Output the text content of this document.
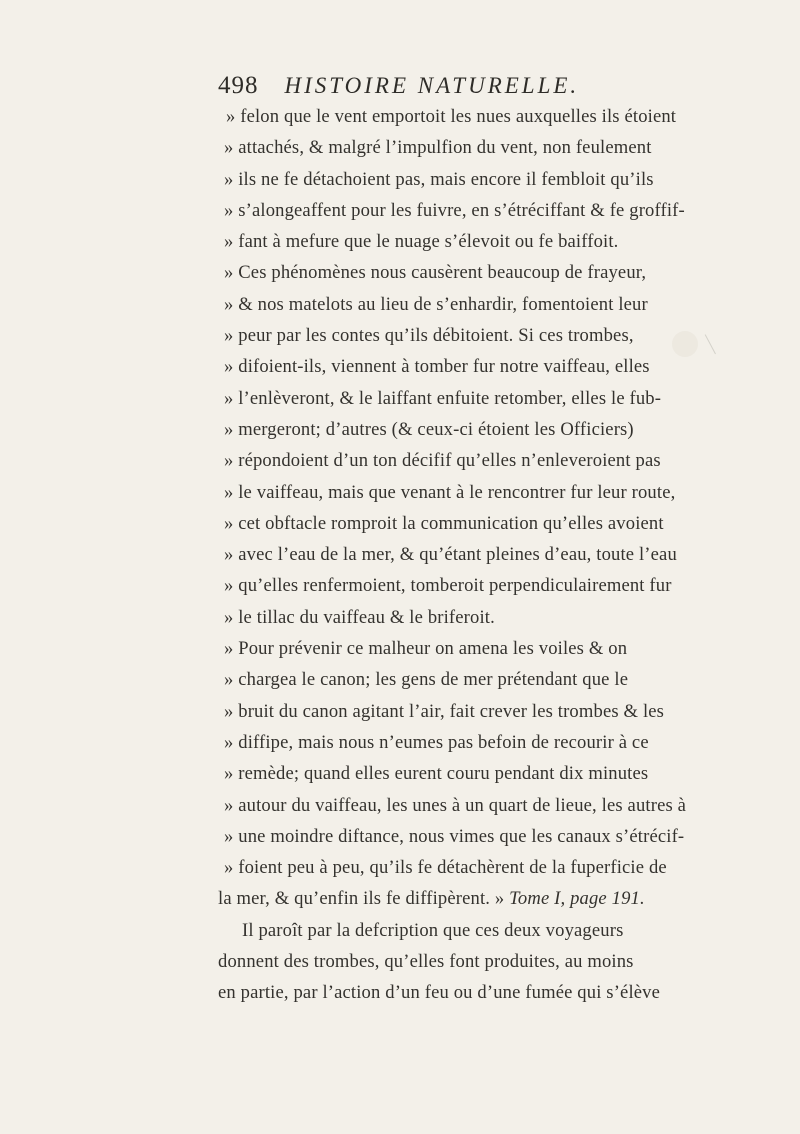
498 HISTOIRE NATURELLE.
» felon que le vent emportoit les nues auxquelles ils étoient
» attachés, & malgré l’impulfion du vent, non feulement
» ils ne fe détachoient pas, mais encore il fembloit qu’ils
» s’alongeaffent pour les fuivre, en s’étréciffant & fe groffif-
» fant à mefure que le nuage s’élevoit ou fe baiffoit.
» Ces phénomènes nous causèrent beaucoup de frayeur,
» & nos matelots au lieu de s’enhardir, fomentoient leur
» peur par les contes qu’ils débitoient. Si ces trombes,
» difoient-ils, viennent à tomber fur notre vaiffeau, elles
» l’enlèveront, & le laiffant enfuite retomber, elles le fub-
» mergeront; d’autres (& ceux-ci étoient les Officiers)
» répondoient d’un ton décifif qu’elles n’enleveroient pas
» le vaiffeau, mais que venant à le rencontrer fur leur route,
» cet obftacle romproit la communication qu’elles avoient
» avec l’eau de la mer, & qu’étant pleines d’eau, toute l’eau
» qu’elles renfermoient, tomberoit perpendiculairement fur
» le tillac du vaiffeau & le briferoit.
» Pour prévenir ce malheur on amena les voiles & on
» chargea le canon; les gens de mer prétendant que le
» bruit du canon agitant l’air, fait crever les trombes & les
» diffipe, mais nous n’eumes pas befoin de recourir à ce
» remède; quand elles eurent couru pendant dix minutes
» autour du vaiffeau, les unes à un quart de lieue, les autres à
» une moindre diftance, nous vimes que les canaux s’étrécif-
» foient peu à peu, qu’ils fe détachèrent de la fuperficie de
la mer, & qu’enfin ils fe diffipèrent. » Tome I, page 191.
Il paroît par la defcription que ces deux voyageurs
donnent des trombes, qu’elles font produites, au moins
en partie, par l’action d’un feu ou d’une fumée qui s’élève
